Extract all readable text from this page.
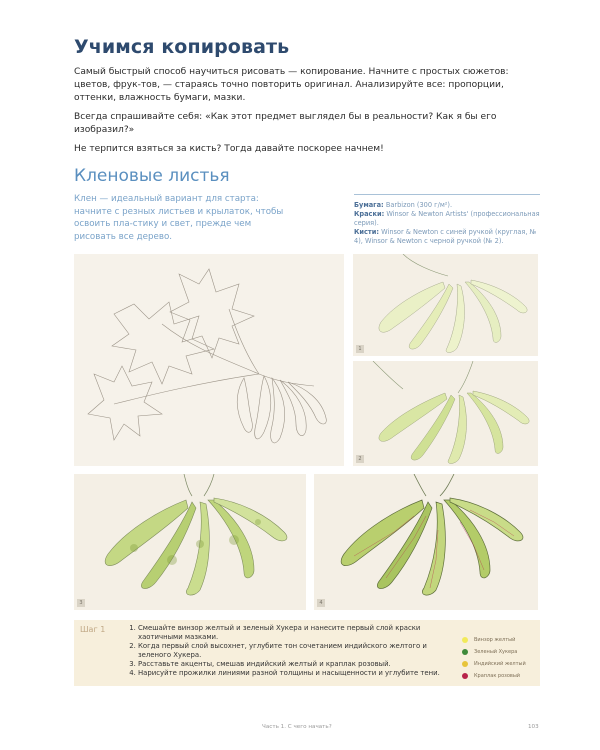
Учимся копировать

Самый быстрый способ научиться рисовать — копирование. Начните с простых сюжетов: цветов, фрук-тов, — стараясь точно повторить оригинал. Анализируйте все: пропорции, оттенки, влажность бумаги, мазки.

Всегда спрашивайте себя: «Как этот предмет выглядел бы в реальности? Как я бы его изобразил?»

Не терпится взяться за кисть? Тогда давайте поскорее начнем!

Кленовые листья
Клен — идеальный вариант для старта: начните с резных листьев и крылаток, чтобы освоить пла-стику и свет, прежде чем рисовать все дерево.
Бумага: Barbizon (300 г/м²).
Краски: Winsor & Newton Artists' (профессиональная серия).
Кисти: Winsor & Newton с синей ручкой (круглая, № 4), Winsor & Newton с черной ручкой (№ 2).
1
2
3	4
Шаг 1
1.	Смешайте винзор желтый и зеленый Хукера и нанесите первый слой краски хаотичными мазками.
2. Когда первый слой высохнет, углубите тон сочетанием индийского желтого и зеленого Хукера.
3. Расставьте акценты, смешав индийский желтый и краплак розовый.
4. Нарисуйте прожилки линиями разной толщины и насыщенности и углубите тени.
Винзор желтый
Зеленый Хукера
Индийский желтый
Краплак розовый
Часть 1. С чего начать?	103
